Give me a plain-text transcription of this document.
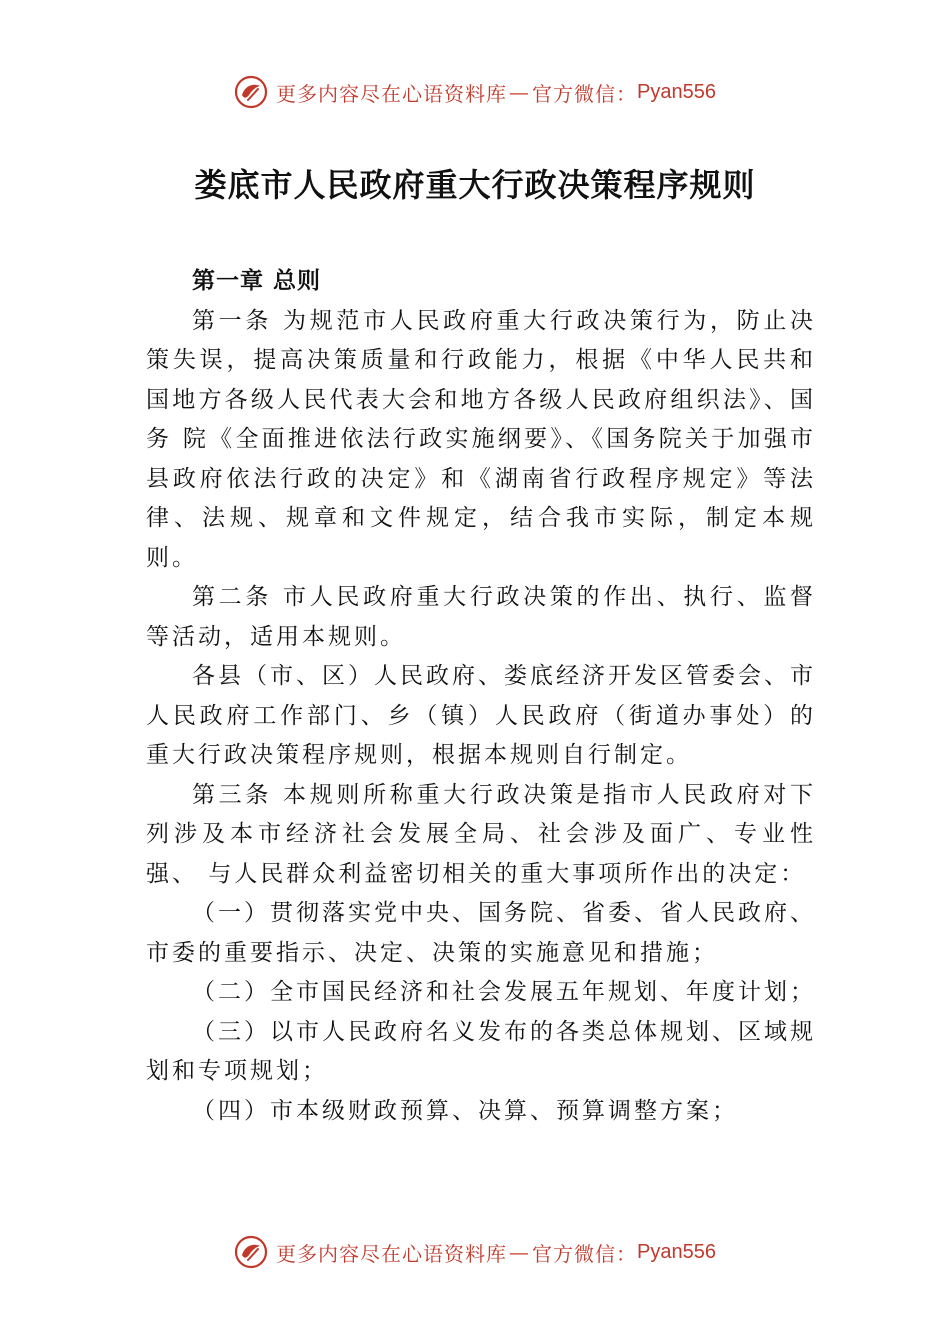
更多内容尽在心语资料库 — 官方微信： Pyan556
娄底市人民政府重大行政决策程序规则

第一章 总则

第一条 为规范市人民政府重大行政决策行为，防止决策失误，提高决策质量和行政能力，根据《中华人民共和国地方各级人民代表大会和地方各级人民政府组织法》、国务 院《全面推进依法行政实施纲要》、《国务院关于加强市县政府依法行政的决定》和《湖南省行政程序规定》等法律、法规、规章和文件规定，结合我市实际，制定本规则。

第二条 市人民政府重大行政决策的作出、执行、监督等活动，适用本规则。

各县（市、区）人民政府、娄底经济开发区管委会、市人民政府工作部门、乡（镇）人民政府（街道办事处）的重大行政决策程序规则，根据本规则自行制定。

第三条 本规则所称重大行政决策是指市人民政府对下列涉及本市经济社会发展全局、社会涉及面广、专业性强、 与人民群众利益密切相关的重大事项所作出的决定：

（一）贯彻落实党中央、国务院、省委、省人民政府、市委的重要指示、决定、决策的实施意见和措施；

（二）全市国民经济和社会发展五年规划、年度计划；

（三）以市人民政府名义发布的各类总体规划、区域规划和专项规划；

（四）市本级财政预算、决算、预算调整方案；

更多内容尽在心语资料库 — 官方微信： Pyan556
